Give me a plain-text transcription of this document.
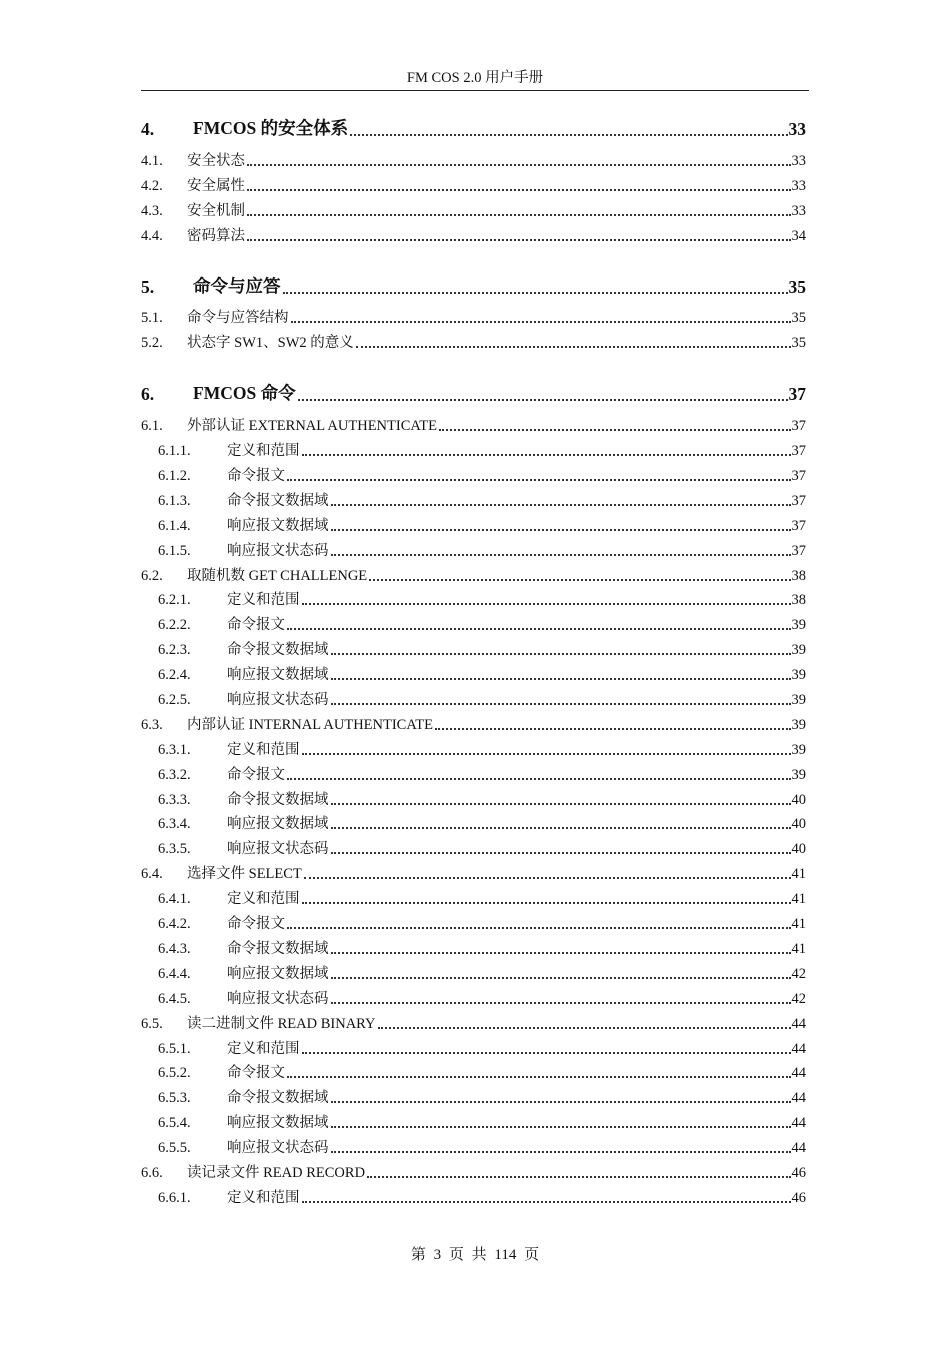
FM COS 2.0 用户手册
4.	FMCOS 的安全体系	33
4.1.	安全状态	33
4.2.	安全属性	33
4.3.	安全机制	33
4.4.	密码算法	34
5.	命令与应答	35
5.1.	命令与应答结构	35
5.2.	状态字 SW1、SW2 的意义	35
6.	FMCOS 命令	37
6.1.	外部认证 EXTERNAL AUTHENTICATE	37
6.1.1.	定义和范围	37
6.1.2.	命令报文	37
6.1.3.	命令报文数据域	37
6.1.4.	响应报文数据域	37
6.1.5.	响应报文状态码	37
6.2.	取随机数 GET CHALLENGE	38
6.2.1.	定义和范围	38
6.2.2.	命令报文	39
6.2.3.	命令报文数据域	39
6.2.4.	响应报文数据域	39
6.2.5.	响应报文状态码	39
6.3.	内部认证 INTERNAL AUTHENTICATE	39
6.3.1.	定义和范围	39
6.3.2.	命令报文	39
6.3.3.	命令报文数据域	40
6.3.4.	响应报文数据域	40
6.3.5.	响应报文状态码	40
6.4.	选择文件 SELECT	41
6.4.1.	定义和范围	41
6.4.2.	命令报文	41
6.4.3.	命令报文数据域	41
6.4.4.	响应报文数据域	42
6.4.5.	响应报文状态码	42
6.5.	读二进制文件 READ BINARY	44
6.5.1.	定义和范围	44
6.5.2.	命令报文	44
6.5.3.	命令报文数据域	44
6.5.4.	响应报文数据域	44
6.5.5.	响应报文状态码	44
6.6.	读记录文件 READ RECORD	46
6.6.1.	定义和范围	46
第 3 页 共 114 页
